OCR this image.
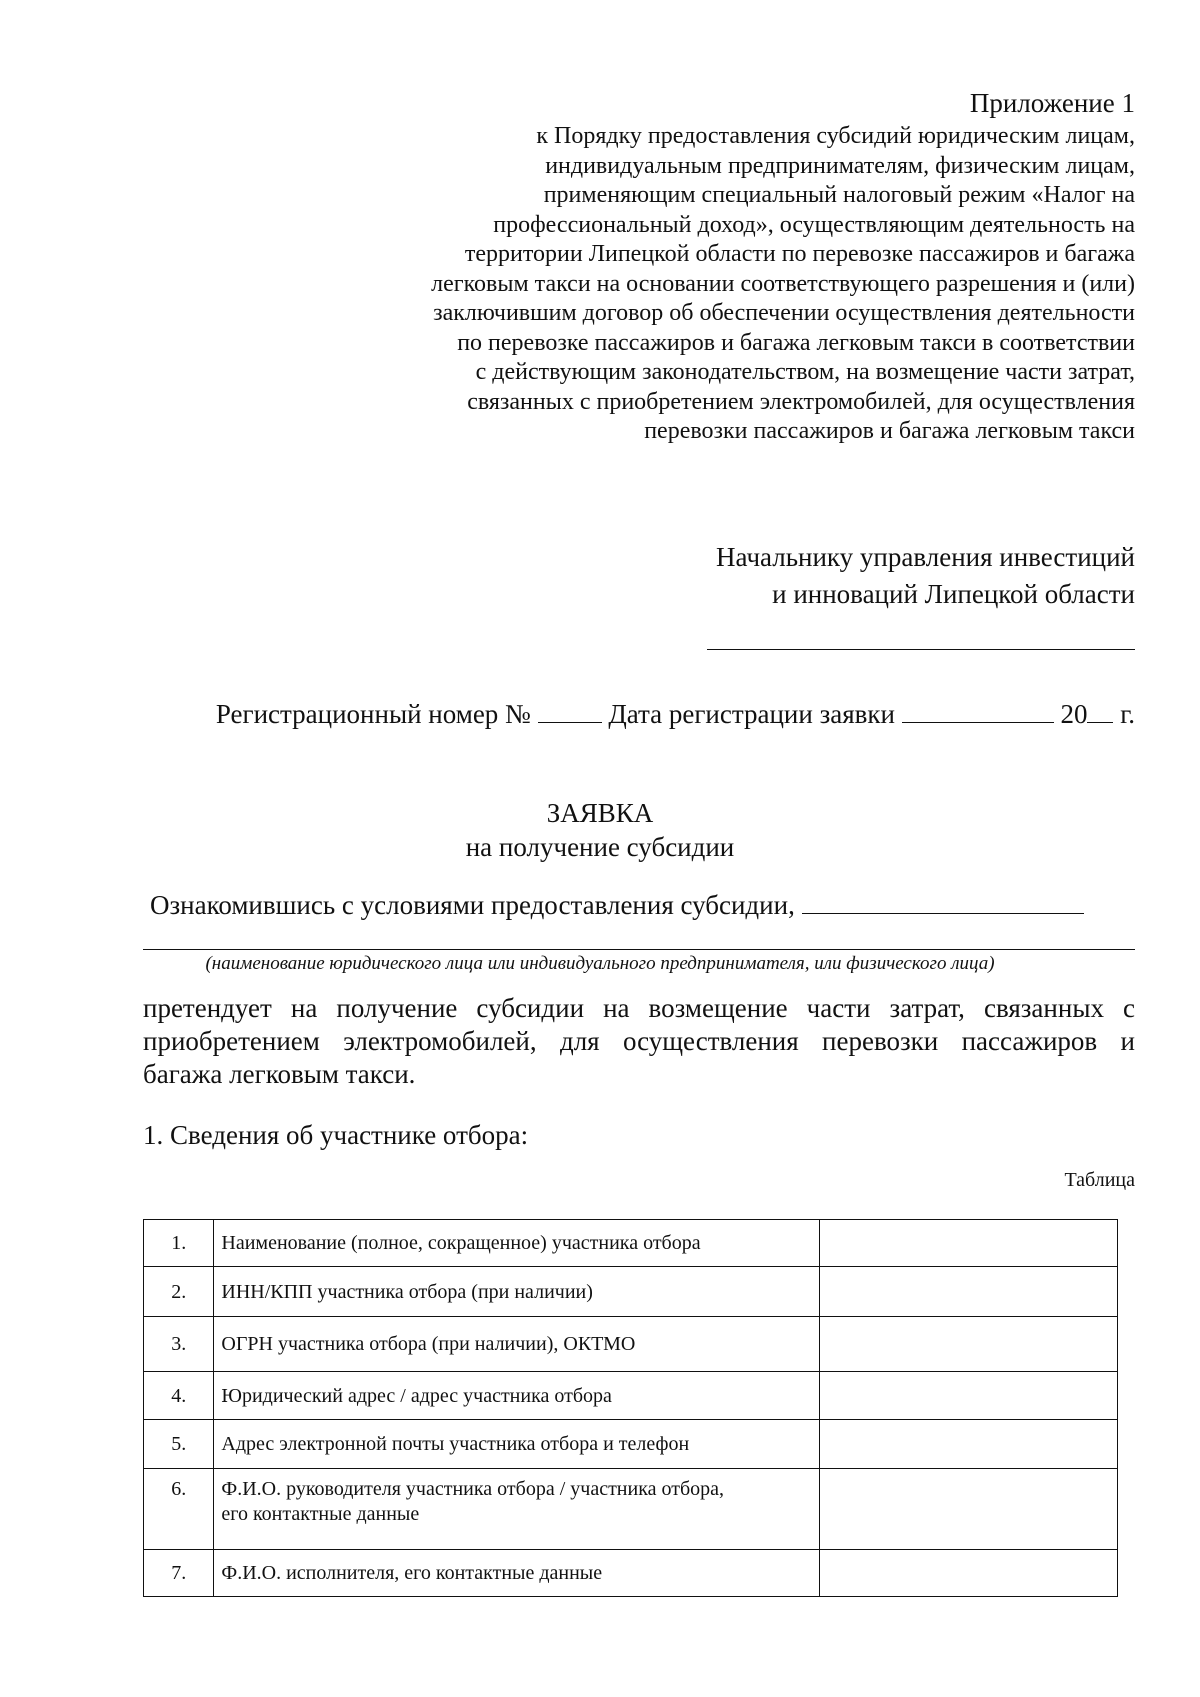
Приложение 1
к Порядку предоставления субсидий юридическим лицам,
индивидуальным предпринимателям, физическим лицам,
применяющим специальный налоговый режим «Налог на
профессиональный доход», осуществляющим деятельность на
территории Липецкой области по перевозке пассажиров и багажа
легковым такси на основании соответствующего разрешения и (или)
заключившим договор об обеспечении осуществления деятельности
по перевозке пассажиров и багажа легковым такси в соответствии
с действующим законодательством, на возмещение части затрат,
связанных с приобретением электромобилей, для осуществления
перевозки пассажиров и багажа легковым такси
Начальнику управления инвестиций
и инноваций Липецкой области
Регистрационный номер №	Дата регистрации заявки	20 г.
ЗАЯВКА
на получение субсидии
Ознакомившись с условиями предоставления субсидии,
(наименование юридического лица или индивидуального предпринимателя, или физического лица)
претендует на получение субсидии на возмещение части затрат, связанных с
приобретением электромобилей, для осуществления перевозки пассажиров и
багажа легковым такси.
1. Сведения об участнике отбора:
Таблица
1.	Наименование (полное, сокращенное) участника отбора	
2.	ИНН/КПП участника отбора (при наличии)	
3.	ОГРН участника отбора (при наличии), ОКТМО	
4.	Юридический адрес / адрес участника отбора	
5.	Адрес электронной почты участника отбора и телефон	
6.	Ф.И.О. руководителя участника отбора / участника отбора,
его контактные данные	

7.	Ф.И.О. исполнителя, его контактные данные	
